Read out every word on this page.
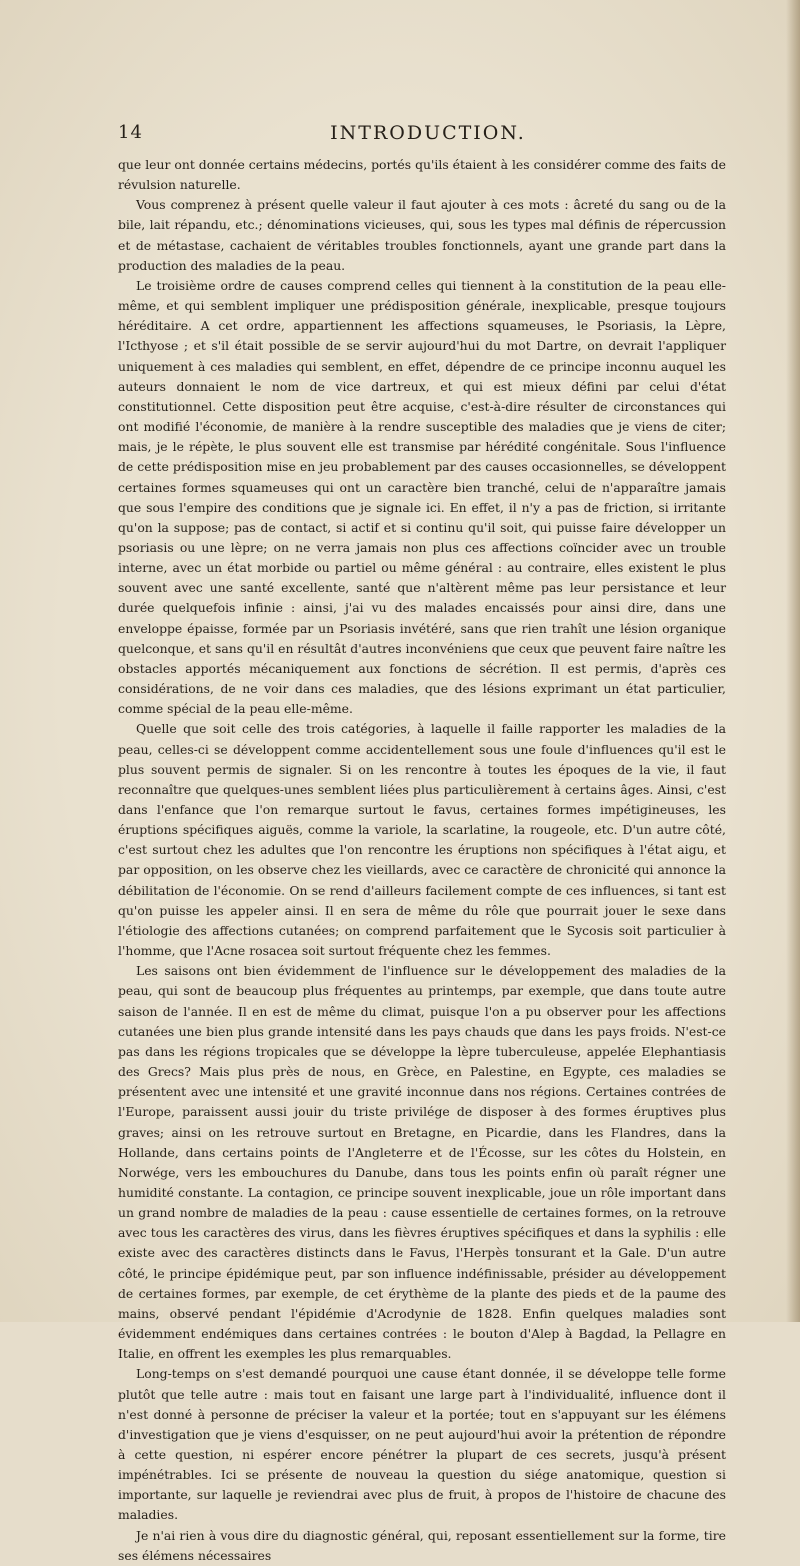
14	INTRODUCTION.

que leur ont donnée certains médecins, portés qu'ils étaient à les considérer comme des faits de révulsion naturelle.

Vous comprenez à présent quelle valeur il faut ajouter à ces mots : âcreté du sang ou de la bile, lait répandu, etc.; dénominations vicieuses, qui, sous les types mal définis de répercussion et de métastase, cachaient de véritables troubles fonctionnels, ayant une grande part dans la production des maladies de la peau.

Le troisième ordre de causes comprend celles qui tiennent à la constitution de la peau elle-même, et qui semblent impliquer une prédisposition générale, inexplicable, presque toujours héréditaire. A cet ordre, appartiennent les affections squameuses, le Psoriasis, la Lèpre, l'Icthyose ; et s'il était possible de se servir aujourd'hui du mot Dartre, on devrait l'appliquer uniquement à ces maladies qui semblent, en effet, dépendre de ce principe inconnu auquel les auteurs donnaient le nom de vice dartreux, et qui est mieux défini par celui d'état constitutionnel. Cette disposition peut être acquise, c'est-à-dire résulter de circonstances qui ont modifié l'économie, de manière à la rendre susceptible des maladies que je viens de citer; mais, je le répète, le plus souvent elle est transmise par hérédité congénitale. Sous l'influence de cette prédisposition mise en jeu probablement par des causes occasionnelles, se développent certaines formes squameuses qui ont un caractère bien tranché, celui de n'apparaître jamais que sous l'empire des conditions que je signale ici. En effet, il n'y a pas de friction, si irritante qu'on la suppose; pas de contact, si actif et si continu qu'il soit, qui puisse faire développer un psoriasis ou une lèpre; on ne verra jamais non plus ces affections coïncider avec un trouble interne, avec un état morbide ou partiel ou même général : au contraire, elles existent le plus souvent avec une santé excellente, santé que n'altèrent même pas leur persistance et leur durée quelquefois infinie : ainsi, j'ai vu des malades encaissés pour ainsi dire, dans une enveloppe épaisse, formée par un Psoriasis invétéré, sans que rien trahît une lésion organique quelconque, et sans qu'il en résultât d'autres inconvéniens que ceux que peuvent faire naître les obstacles apportés mécaniquement aux fonctions de sécrétion. Il est permis, d'après ces considérations, de ne voir dans ces maladies, que des lésions exprimant un état particulier, comme spécial de la peau elle-même.

Quelle que soit celle des trois catégories, à laquelle il faille rapporter les maladies de la peau, celles-ci se développent comme accidentellement sous une foule d'influences qu'il est le plus souvent permis de signaler. Si on les rencontre à toutes les époques de la vie, il faut reconnaître que quelques-unes semblent liées plus particulièrement à certains âges. Ainsi, c'est dans l'enfance que l'on remarque surtout le favus, certaines formes impétigineuses, les éruptions spécifiques aiguës, comme la variole, la scarlatine, la rougeole, etc. D'un autre côté, c'est surtout chez les adultes que l'on rencontre les éruptions non spécifiques à l'état aigu, et par opposition, on les observe chez les vieillards, avec ce caractère de chronicité qui annonce la débilitation de l'économie. On se rend d'ailleurs facilement compte de ces influences, si tant est qu'on puisse les appeler ainsi. Il en sera de même du rôle que pourrait jouer le sexe dans l'étiologie des affections cutanées; on comprend parfaitement que le Sycosis soit particulier à l'homme, que l'Acne rosacea soit surtout fréquente chez les femmes.

Les saisons ont bien évidemment de l'influence sur le développement des maladies de la peau, qui sont de beaucoup plus fréquentes au printemps, par exemple, que dans toute autre saison de l'année. Il en est de même du climat, puisque l'on a pu observer pour les affections cutanées une bien plus grande intensité dans les pays chauds que dans les pays froids. N'est-ce pas dans les régions tropicales que se développe la lèpre tuberculeuse, appelée Elephantiasis des Grecs? Mais plus près de nous, en Grèce, en Palestine, en Egypte, ces maladies se présentent avec une intensité et une gravité inconnue dans nos régions. Certaines contrées de l'Europe, paraissent aussi jouir du triste privilége de disposer à des formes éruptives plus graves; ainsi on les retrouve surtout en Bretagne, en Picardie, dans les Flandres, dans la Hollande, dans certains points de l'Angleterre et de l'Écosse, sur les côtes du Holstein, en Norwége, vers les embouchures du Danube, dans tous les points enfin où paraît régner une humidité constante. La contagion, ce principe souvent inexplicable, joue un rôle important dans un grand nombre de maladies de la peau : cause essentielle de certaines formes, on la retrouve avec tous les caractères des virus, dans les fièvres éruptives spécifiques et dans la syphilis : elle existe avec des caractères distincts dans le Favus, l'Herpès tonsurant et la Gale. D'un autre côté, le principe épidémique peut, par son influence indéfinissable, présider au développement de certaines formes, par exemple, de cet érythème de la plante des pieds et de la paume des mains, observé pendant l'épidémie d'Acrodynie de 1828. Enfin quelques maladies sont évidemment endémiques dans certaines contrées : le bouton d'Alep à Bagdad, la Pellagre en Italie, en offrent les exemples les plus remarquables.

Long-temps on s'est demandé pourquoi une cause étant donnée, il se développe telle forme plutôt que telle autre : mais tout en faisant une large part à l'individualité, influence dont il n'est donné à personne de préciser la valeur et la portée; tout en s'appuyant sur les élémens d'investigation que je viens d'esquisser, on ne peut aujourd'hui avoir la prétention de répondre à cette question, ni espérer encore pénétrer la plupart de ces secrets, jusqu'à présent impénétrables. Ici se présente de nouveau la question du siége anatomique, question si importante, sur laquelle je reviendrai avec plus de fruit, à propos de l'histoire de chacune des maladies.

Je n'ai rien à vous dire du diagnostic général, qui, reposant essentiellement sur la forme, tire ses élémens nécessaires
